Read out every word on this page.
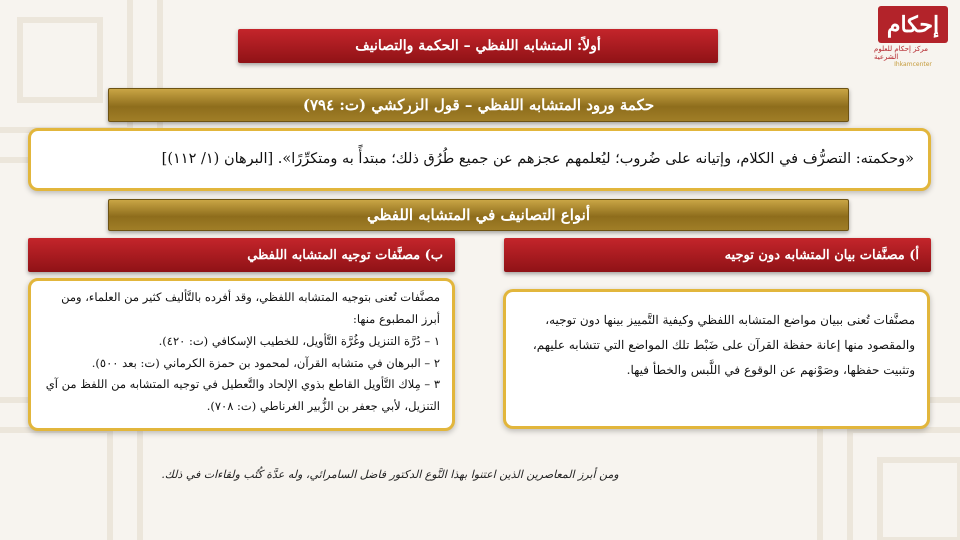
إحكام
مركز إحكام للعلوم الشرعية
Ihkamcenter
أولاً: المتشابه اللفظي – الحكمة والتصانيف
حكمة ورود المتشابه اللفظي – قول الزركشي (ت: ٧٩٤)
«وحكمته: التصرُّف في الكلام، وإتيانه على ضُروب؛ ليُعلمهم عجزهم عن جميع طُرُق ذلك؛ مبتدأً به ومتكرِّرًا». [البرهان (١/ ١١٢)]
أنواع التصانيف في المتشابه اللفظي
أ) مصنَّفات بيان المتشابه دون توجيه
ب) مصنَّفات توجيه المتشابه اللفظي

مصنَّفات تُعنى ببيان مواضع المتشابه اللفظي وكيفية التَّمييز بينها دون توجيه، والمقصود منها إعانة حفظة القرآن على ضَبْط تلك المواضع التي تتشابه عليهم، وتثبيت حفظها، وصَوْنهم عن الوقوع في اللَّبس والخطأ فيها.

مصنَّفات تُعنى بتوجيه المتشابه اللفظي، وقد أفرده بالتَّأليف كثير من العلماء، ومن أبرز المطبوع منها:

١ – دُرَّة التنزيل وغُرَّة التَّأويل، للخطيب الإسكافي (ت: ٤٢٠).
٢ – البرهان في متشابه القرآن، لمحمود بن حمزة الكرماني (ت: بعد ٥٠٠).
٣ – مِلاك التَّأويل القاطع بذوي الإلحاد والتَّعطيل في توجيه المتشابه من اللفظ من آي التنزيل، لأبي جعفر بن الزُّبير الغرناطي (ت: ٧٠٨).
ومن أبرز المعاصرين الذين اعتنوا بهذا النَّوع الدكتور فاضل السامرائي، وله عدَّة كُتُب ولقاءات في ذلك.
